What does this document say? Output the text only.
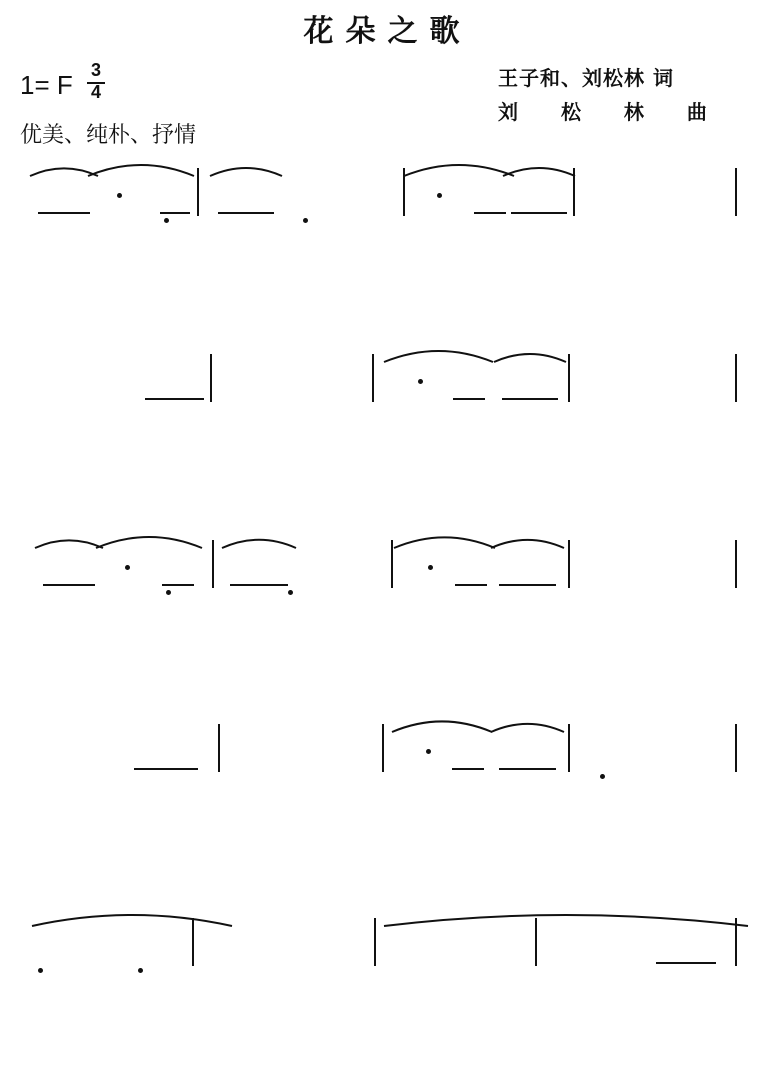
花朵之歌
王子和、刘松林 词
刘 松 林 曲
1= F 3
4
优美、纯朴、抒情
